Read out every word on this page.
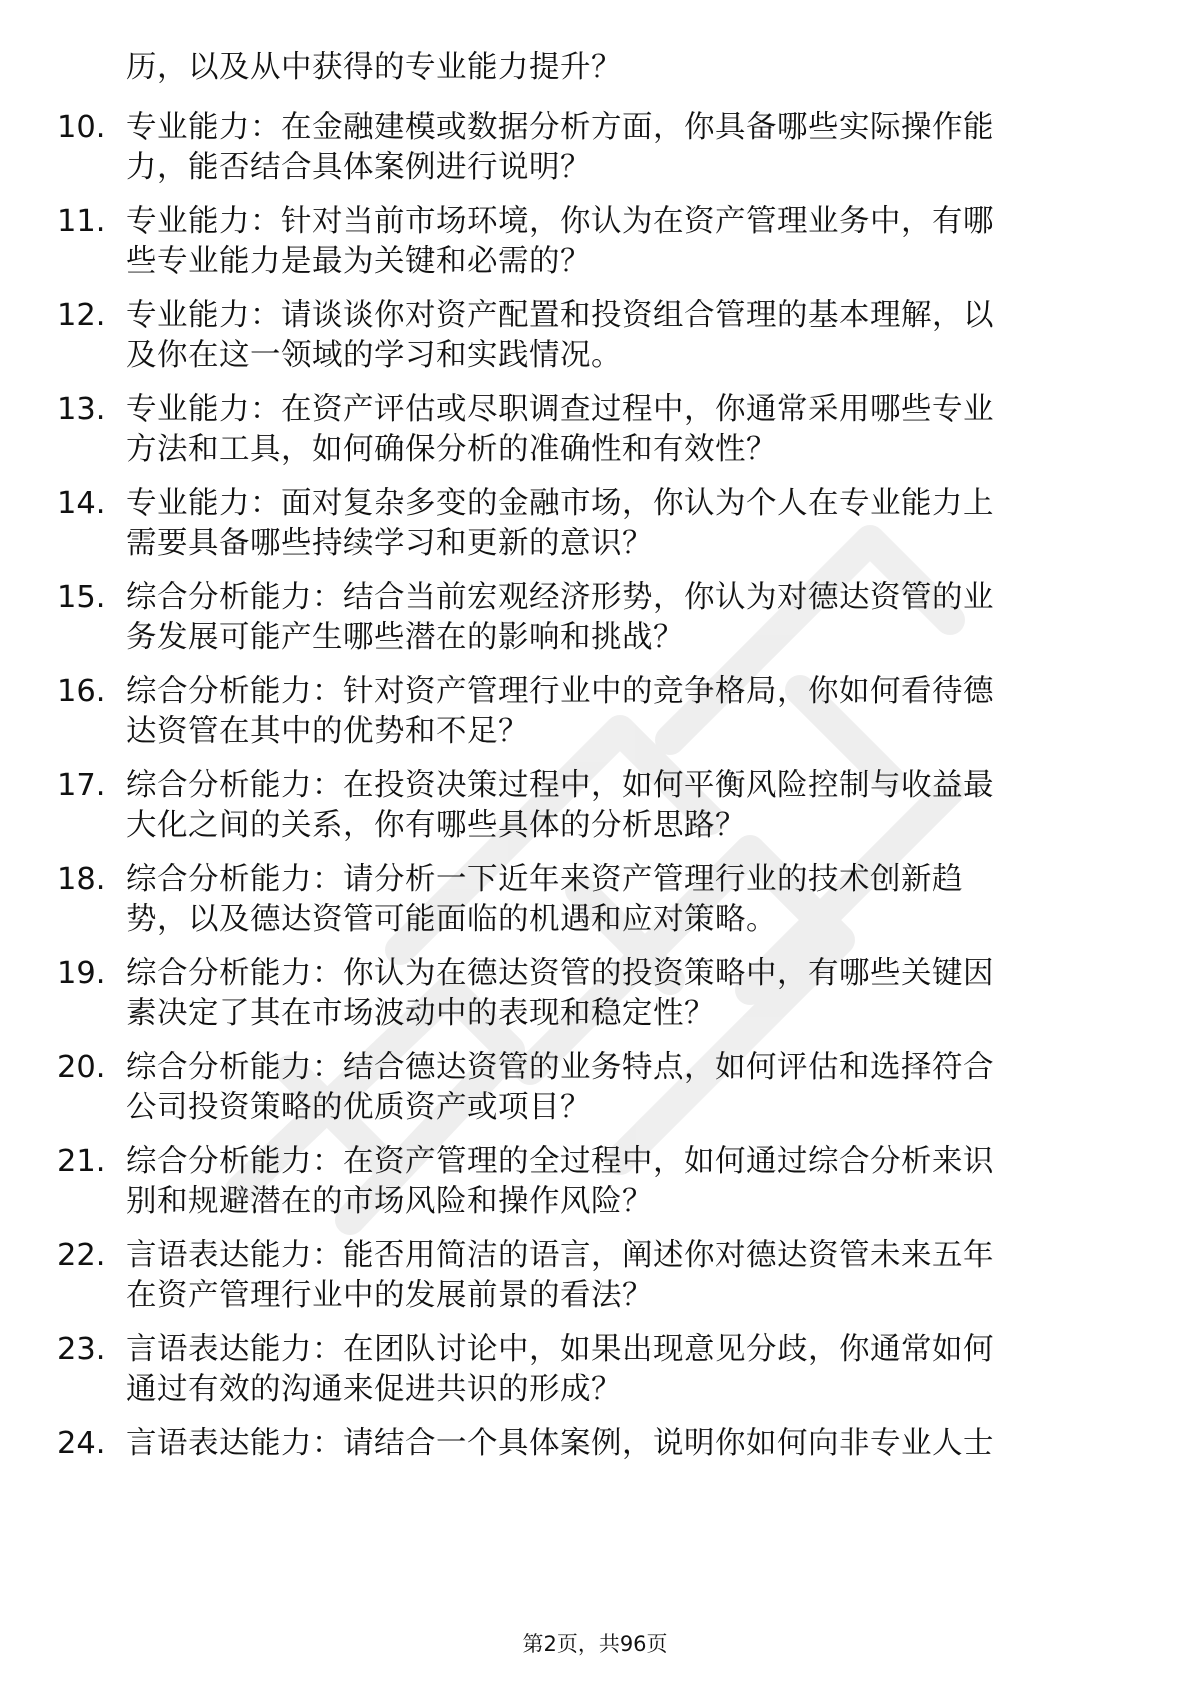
历，以及从中获得的专业能力提升？
10. 专业能力：在金融建模或数据分析方面，你具备哪些实际操作能
力，能否结合具体案例进行说明？
11. 专业能力：针对当前市场环境，你认为在资产管理业务中，有哪
些专业能力是最为关键和必需的？
12. 专业能力：请谈谈你对资产配置和投资组合管理的基本理解，以
及你在这一领域的学习和实践情况。
13. 专业能力：在资产评估或尽职调查过程中，你通常采用哪些专业
方法和工具，如何确保分析的准确性和有效性？
14. 专业能力：面对复杂多变的金融市场，你认为个人在专业能力上
需要具备哪些持续学习和更新的意识？
15. 综合分析能力：结合当前宏观经济形势，你认为对德达资管的业
务发展可能产生哪些潜在的影响和挑战？
16. 综合分析能力：针对资产管理行业中的竞争格局，你如何看待德
达资管在其中的优势和不足？
17. 综合分析能力：在投资决策过程中，如何平衡风险控制与收益最
大化之间的关系，你有哪些具体的分析思路？
18. 综合分析能力：请分析一下近年来资产管理行业的技术创新趋
势，以及德达资管可能面临的机遇和应对策略。
19. 综合分析能力：你认为在德达资管的投资策略中，有哪些关键因
素决定了其在市场波动中的表现和稳定性？
20. 综合分析能力：结合德达资管的业务特点，如何评估和选择符合
公司投资策略的优质资产或项目？
21. 综合分析能力：在资产管理的全过程中，如何通过综合分析来识
别和规避潜在的市场风险和操作风险？
22. 言语表达能力：能否用简洁的语言，阐述你对德达资管未来五年
在资产管理行业中的发展前景的看法？
23. 言语表达能力：在团队讨论中，如果出现意见分歧，你通常如何
通过有效的沟通来促进共识的形成？
24. 言语表达能力：请结合一个具体案例，说明你如何向非专业人士
第2页，共96页
